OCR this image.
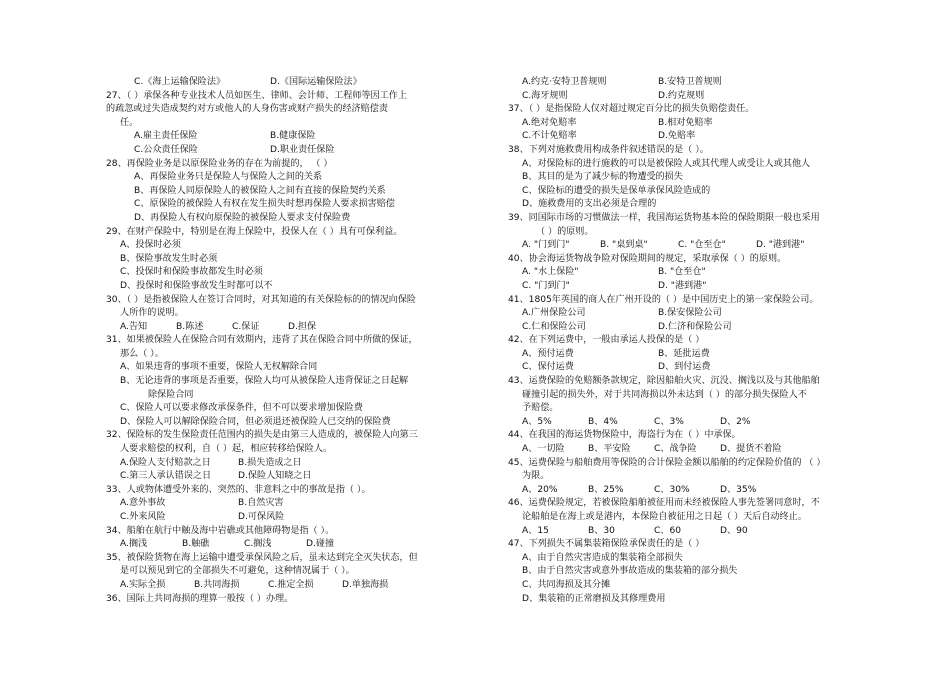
C.《海上运输保险法》	D.《国际运输保险法》
27、（ ）承保各种专业技术人员如医生、律师、会计师、工程师等因工作上
的疏忽或过失造成契约对方或他人的人身伤害或财产损失的经济赔偿责
任。
A.雇主责任保险	B.健康保险
C.公众责任保险	D.职业责任保险
28、再保险业务是以原保险业务的存在为前提的， （ ）
A、再保险业务只是保险人与保险人之间的关系
B、再保险人同原保险人的被保险人之间有直接的保险契约关系
C、原保险的被保险人有权在发生损失时想再保险人要求损害赔偿
D、再保险人有权向原保险的被保险人要求支付保险费
29、在财产保险中，特别是在海上保险中，投保人在（ ）具有可保利益。
A、投保时必须
B、保险事故发生时必须
C、投保时和保险事故都发生时必须
D、投保时和保险事故发生时都可以不
30、（ ）是指被保险人在签订合同时，对其知道的有关保险标的的情况向保险
人所作的说明。
A.告知	B.陈述	C.保证	D.担保
31、如果被保险人在保险合同有效期内，违背了其在保险合同中所做的保证，
那么（ ）。
A、如果违背的事项不重要，保险人无权解除合同
B、无论违背的事项是否重要，保险人均可从被保险人违背保证之日起解
除保险合同
C、保险人可以要求修改承保条件，但不可以要求增加保险费
D、保险人可以解除保险合同，但必须退还被保险人已交纳的保险费
32、保险标的发生保险责任范围内的损失是由第三人造成的，被保险人向第三
人要求赔偿的权利，自（ ）起，相应转移给保险人。
A.保险人支付赔款之日	B.损失造成之日
C.第三人承认错误之日	D.保险人知晓之日
33、人或物体遭受外来的、突然的、非意料之中的事故是指（ ）。
A.意外事故	B.自然灾害
C.外来风险	D.可保风险
34、船舶在航行中触及海中岩礁或其他障碍物是指（ ）。
A.搁浅	B.触礁	C.搁浅	D.碰撞
35、被保险货物在海上运输中遭受承保风险之后，虽未达到完全灭失状态，但
是可以预见到它的全部损失不可避免，这种情况属于（ ）。
A.实际全损	B.共同海损	C.推定全损	D.单独海损
36、国际上共同海损的理算一般按（ ）办理。
A.约克·安特卫普规则	B.安特卫普规则
C.海牙规则	D.约克规则
37、（ ）是指保险人仅对超过规定百分比的损失负赔偿责任。
A.绝对免赔率	B.相对免赔率
C.不计免赔率	D.免赔率
38、下列对施救费用构成条件叙述错误的是（ ）。
A、对保险标的进行施救的可以是被保险人或其代理人或受让人或其他人
B、其目的是为了减少标的物遭受的损失
C、保险标的遭受的损失是保单承保风险造成的
D、施救费用的支出必须是合理的
39、同国际市场的习惯做法一样，我国海运货物基本险的保险期限一般也采用
（ ）的原则。
A. "门到门"	B. "桌到桌"	C. "仓至仓"	D. "港到港"
40、协会海运货物战争险对保险期间的规定，采取承保（ ）的原则。
A. "水上保险"	B. "仓至仓"
C. "门到门"	D. "港到港"
41、1805年英国的商人在广州开设的（ ）是中国历史上的第一家保险公司。
A.广州保险公司	B.保安保险公司
C.仁和保险公司	D.仁济和保险公司
42、在下列运费中，一般由承运人投保的是（ ）
A、预付运费	B、延批运费
C、保付运费	D、到付运费
43、运费保险的免赔额条款规定，除因船舶火灾、沉没、搁浅以及与其他船舶
碰撞引起的损失外，对于共同海损以外未达到（ ）的部分损失保险人不
予赔偿。
A、5%	B、4%	C、3%	D、2%
44、在我国的海运货物保险中，海盗行为在（ ）中承保。
A、一切险	B、平安险	C、战争险	D、提货不着险
45、运费保险与船舶费用等保险的合计保险金额以船舶的约定保险价值的 （ ）
为限。
A、20%	B、25%	C、30%	D、35%
46、运费保险规定，若被保险船舶被征用而未经被保险人事先签署同意时，不
论船舶是在海上或是港内，本保险自被征用之日起（ ）天后自动终止。
A、15	B、30	C、60	D、90
47、下列损失不属集装箱保险承保责任的是（ ）
A、由于自然灾害造成的集装箱全部损失
B、由于自然灾害或意外事故造成的集装箱的部分损失
C、共同海损及其分摊
D、集装箱的正常磨损及其修理费用
